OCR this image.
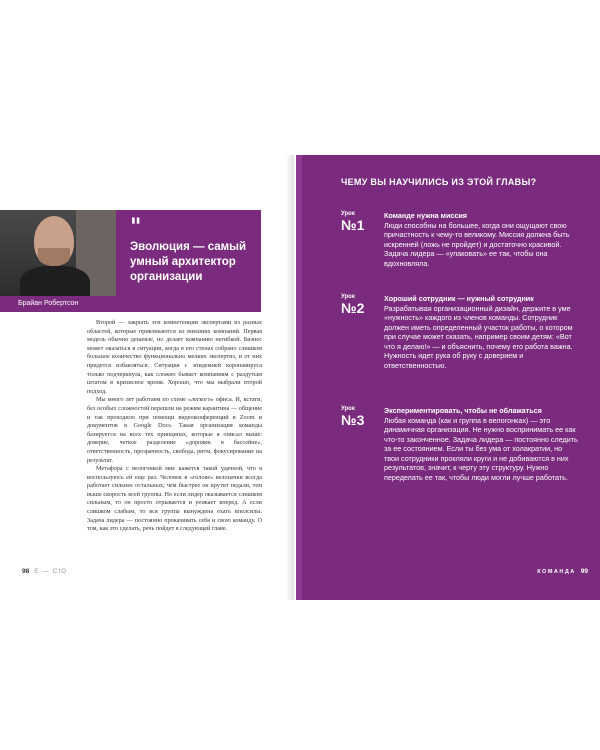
Брайан Робертсон
"
Эволюция — самый умный архитектор организации

Второй — закрыть эти компетенции экспертами из разных областей, которые привлекаются из внешних компаний. Первая модель обычно дешевле, но делает компанию негибкой. Бизнес может оказаться в ситуации, когда в его стенах собрано слишком большое количество функционально мелких экспертиз, и от них придется избавляться. Ситуация с эпидемией коронавируса только подчеркнула, как сложно бывает компаниям с раздутым штатом в кризисное время. Хорошо, что мы выбрали второй подход.

Мы много лет работаем по схеме «легкого» офиса. И, кстати, без особых сложностей перешли на режим карантина — общение и так проходило при помощи видеоконференций в Zoom и документов в Google Docs. Такая организация команды базируется на всех тех принципах, которые я описал выше: доверие, четкое разделение «дорожек в бассейне», ответственность, прозрачность, свобода, ритм, фокусирование на результат.

Метафора с велогонкой мне кажется такой удачной, что я воспользуюсь ей еще раз. Человек в «голове» велопачки всегда работает сильнее остальных; чем быстрее он крутит педали, тем выше скорость всей группы. Но если лидер оказывается слишком сильным, то он просто отрывается и уезжает вперед. А если слишком слабым, то вся группа вынуждена ехать вполсилы. Задача лидера — постоянно прокачивать себя и свою команду. О том, как это сделать, речь пойдет в следующей главе.

98 E — CIO
ЧЕМУ ВЫ НАУЧИЛИСЬ ИЗ ЭТОЙ ГЛАВЫ?
Урок
№1
Команде нужна миссия
Люди способны на большее, когда они ощущают свою причастность к чему-то великому. Миссия должна быть искренней (ложь не пройдет) и достаточно красивой. Задача лидера — «упаковать» ее так, чтобы она вдохновляла.
Урок
№2
Хороший сотрудник — нужный сотрудник
Разрабатывая организационный дизайн, держите в уме «нужность» каждого из членов команды. Сотрудник должен иметь определенный участок работы, о котором при случае может сказать, например своим детям: «Вот что я делаю!» — и объяснить, почему его работа важна. Нужность идет рука об руку с доверием и ответственностью.
Урок
№3
Экспериментировать, чтобы не облажаться
Любая команда (как и группа в велогонках) — это динамичная организация. Не нужно воспринимать ее как что-то законченное. Задача лидера — постоянно следить за ее состоянием. Если ты без ума от холакратии, но твои сотрудники прокляли круги и не добиваются в них результатов, значит, к черту эту структуру. Нужно переделать ее так, чтобы люди могли лучше работать.
КОМАНДА 99
